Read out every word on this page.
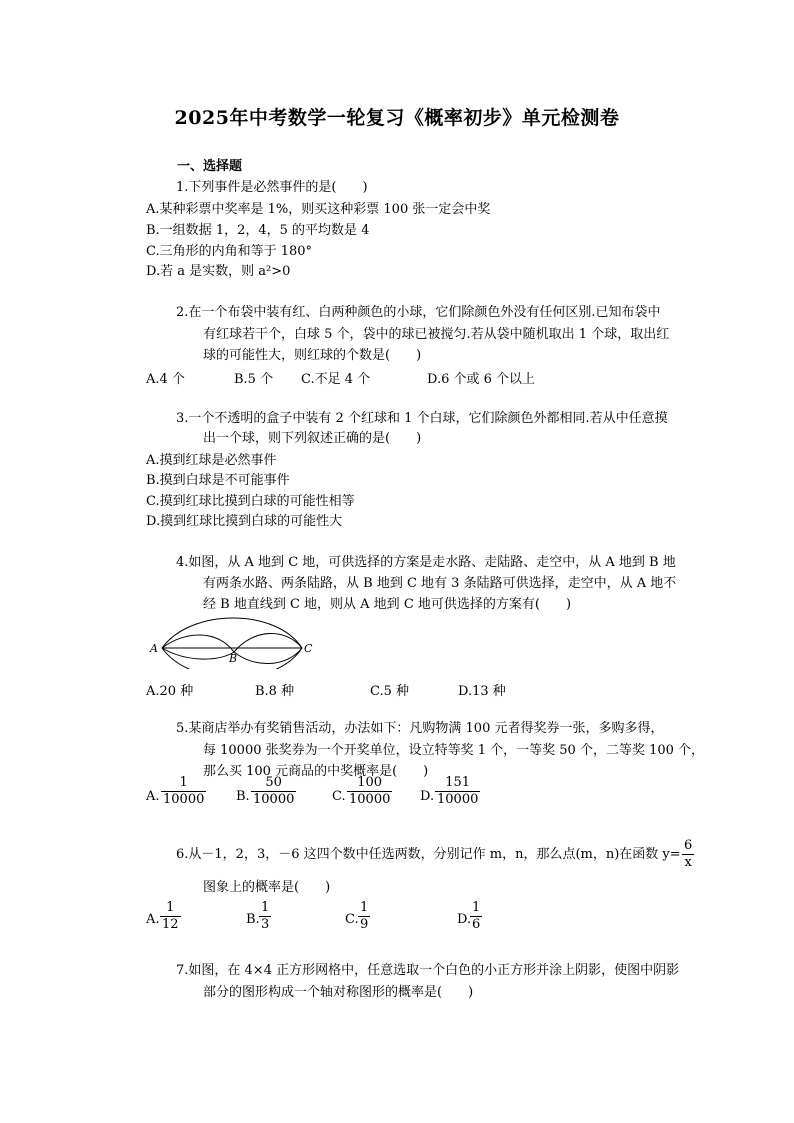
2025年中考数学一轮复习《概率初步》单元检测卷
一、选择题
1.下列事件是必然事件的是(　　)
A.某种彩票中奖率是 1%，则买这种彩票 100 张一定会中奖
B.一组数据 1，2，4，5 的平均数是 4
C.三角形的内角和等于 180°
D.若 a 是实数，则 a²>0
2.在一个布袋中装有红、白两种颜色的小球，它们除颜色外没有任何区别.已知布袋中
有红球若干个，白球 5 个，袋中的球已被搅匀.若从袋中随机取出 1 个球，取出红
球的可能性大，则红球的个数是(　　)
A.4 个	B.5 个 C.不足 4 个	D.6 个或 6 个以上
3.一个不透明的盒子中装有 2 个红球和 1 个白球，它们除颜色外都相同.若从中任意摸
出一个球，则下列叙述正确的是(　　)
A.摸到红球是必然事件
B.摸到白球是不可能事件
C.摸到红球比摸到白球的可能性相等
D.摸到红球比摸到白球的可能性大
4.如图，从 A 地到 C 地，可供选择的方案是走水路、走陆路、走空中，从 A 地到 B 地
有两条水路、两条陆路，从 B 地到 C 地有 3 条陆路可供选择，走空中，从 A 地不
经 B 地直线到 C 地，则从 A 地到 C 地可供选择的方案有(　　)
A
B
C
A.20 种	B.8 种	C.5 种	D.13 种
5.某商店举办有奖销售活动，办法如下：凡购物满 100 元者得奖券一张，多购多得，
每 10000 张奖券为一个开奖单位，设立特等奖 1 个，一等奖 50 个，二等奖 100 个，
那么买 100 元商品的中奖概率是(　　)
A. $\frac{1}{10000} B$. $\frac{50}{10000}$	C. $\frac{100}{10000} D$. $\frac{151}{10000}$
6.从－1，2，3，－6 这四个数中任选两数，分别记作 m，n，那么点(m，n)在函数 $y= \frac{6}{x}$
图象上的概率是(　　)
A. $\frac{1}{12}$	B. $\frac{1}{3}$	C. $\frac{1}{9}$	D.
$\frac{1}{6}$
7.如图，在 4×4 正方形网格中，任意选取一个白色的小正方形并涂上阴影，使图中阴影
部分的图形构成一个轴对称图形的概率是(　　)
